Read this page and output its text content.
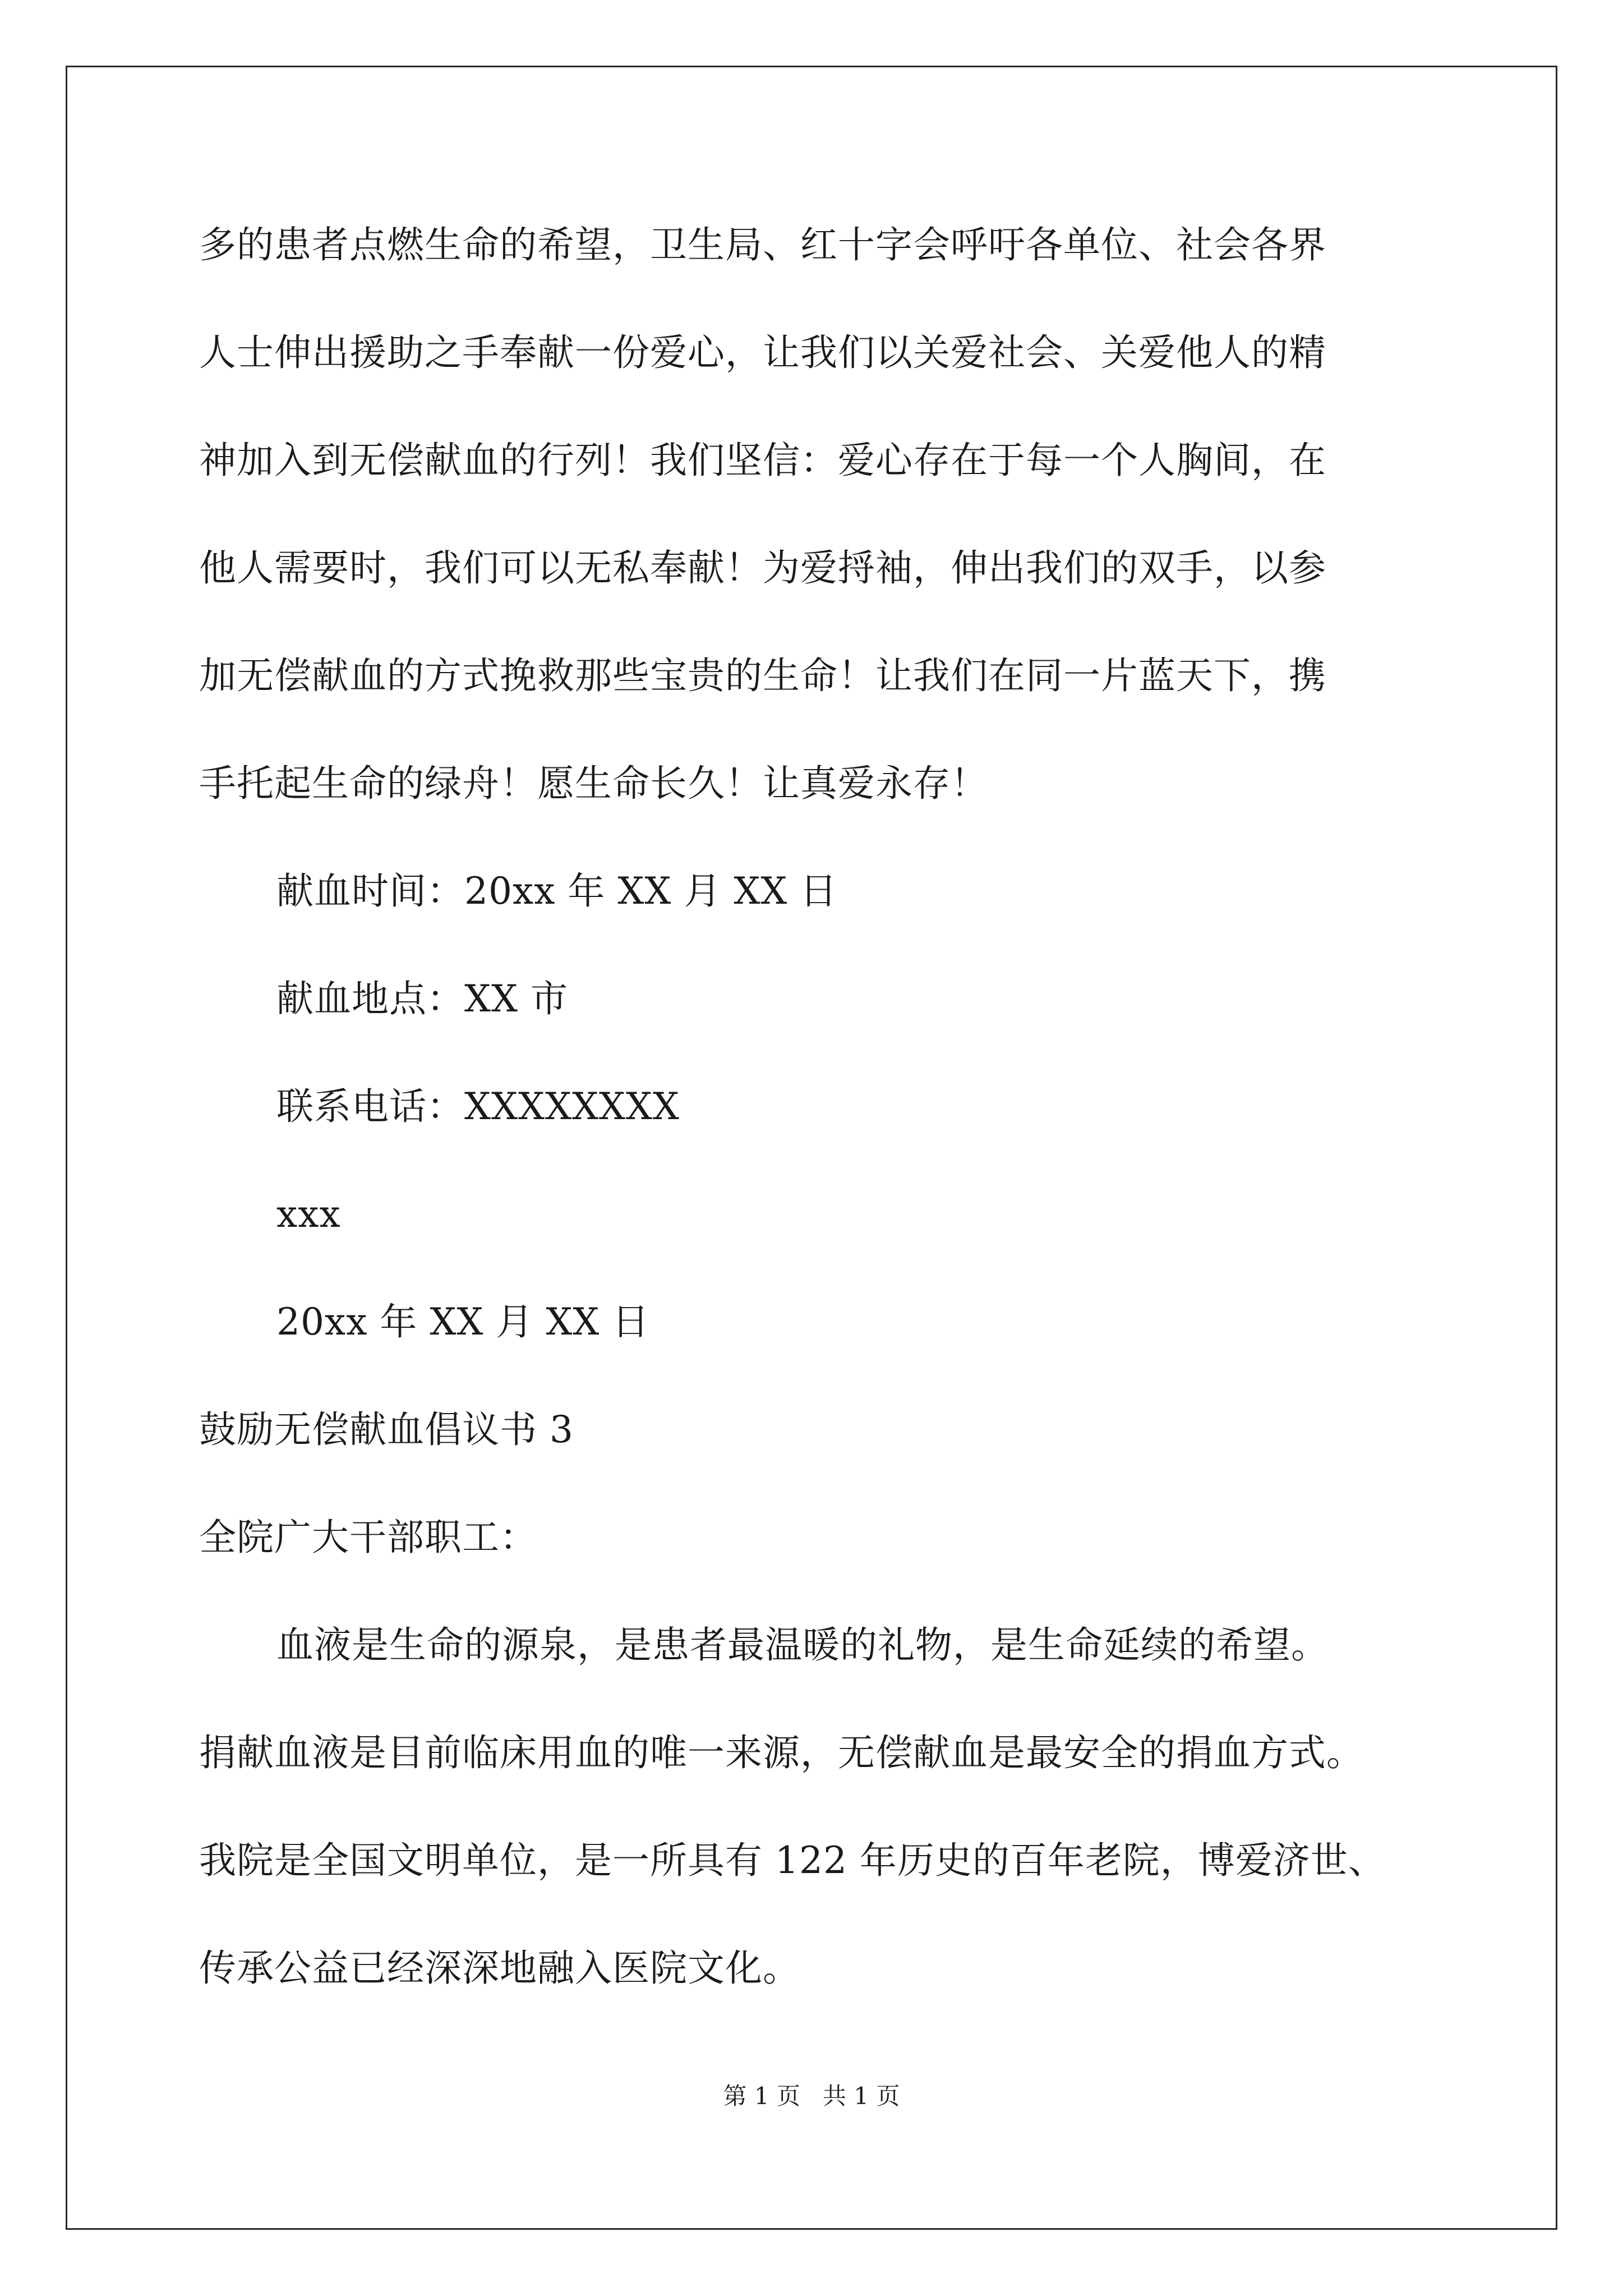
多的患者点燃生命的希望，卫生局、红十字会呼吁各单位、社会各界
人士伸出援助之手奉献一份爱心，让我们以关爱社会、关爱他人的精
神加入到无偿献血的行列！我们坚信：爱心存在于每一个人胸间，在
他人需要时，我们可以无私奉献！为爱捋袖，伸出我们的双手，以参
加无偿献血的方式挽救那些宝贵的生命！让我们在同一片蓝天下，携
手托起生命的绿舟！愿生命长久！让真爱永存！
献血时间：20xx 年 XX 月 XX 日
献血地点：XX 市
联系电话：XXXXXXXX
xxx
20xx 年 XX 月 XX 日
鼓励无偿献血倡议书 3
全院广大干部职工：
血液是生命的源泉，是患者最温暖的礼物，是生命延续的希望。
捐献血液是目前临床用血的唯一来源，无偿献血是最安全的捐血方式。
我院是全国文明单位，是一所具有 122 年历史的百年老院，博爱济世、
传承公益已经深深地融入医院文化。
第 1 页   共 1 页
